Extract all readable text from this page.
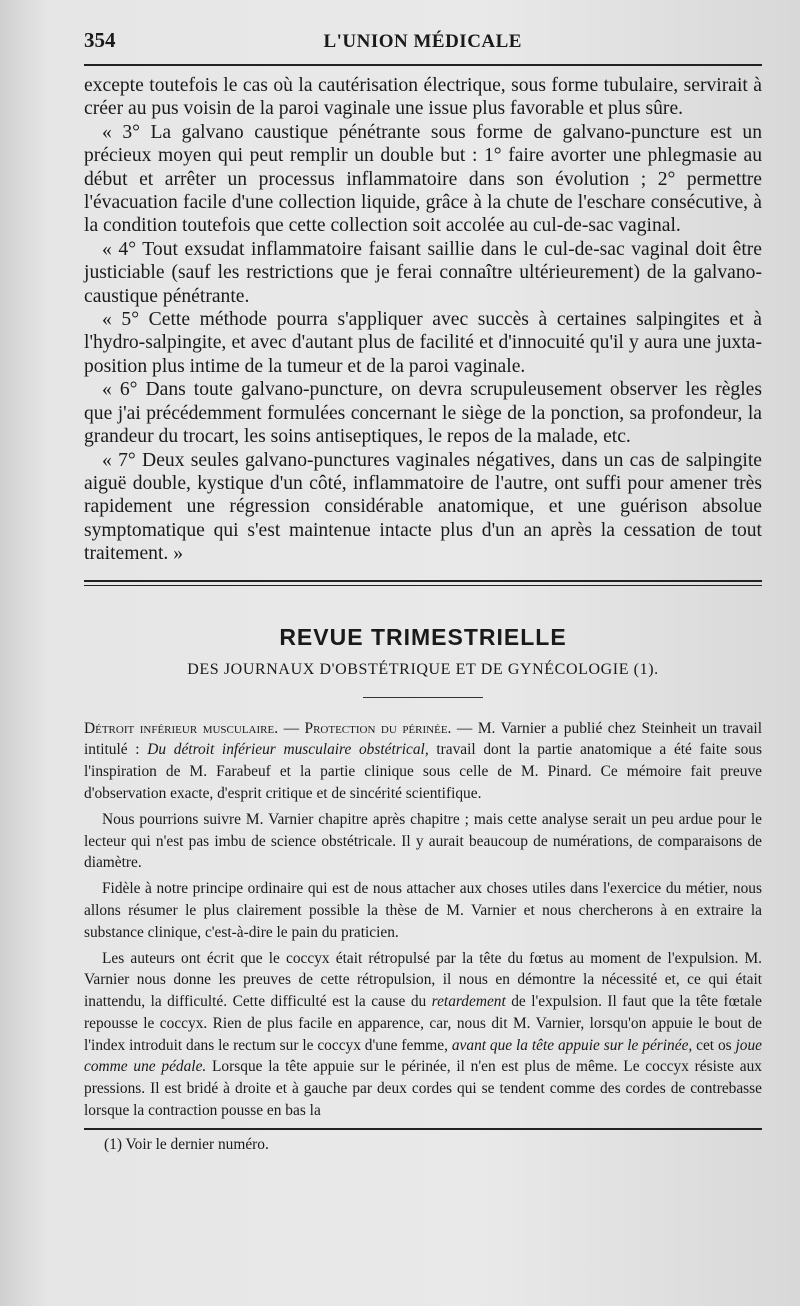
354	L'UNION MÉDICALE

excepte toutefois le cas où la cautérisation électrique, sous forme tubulaire, servirait à créer au pus voisin de la paroi vaginale une issue plus favorable et plus sûre.

« 3° La galvano caustique pénétrante sous forme de galvano-puncture est un précieux moyen qui peut remplir un double but : 1° faire avorter une phlegmasie au début et arrêter un processus inflammatoire dans son évolution ; 2° permettre l'évacuation facile d'une collection liquide, grâce à la chute de l'eschare consécutive, à la condition toutefois que cette collection soit accolée au cul-de-sac vaginal.

« 4° Tout exsudat inflammatoire faisant saillie dans le cul-de-sac vaginal doit être justiciable (sauf les restrictions que je ferai connaître ultérieurement) de la galvano-caustique pénétrante.

« 5° Cette méthode pourra s'appliquer avec succès à certaines salpingites et à l'hydro-salpingite, et avec d'autant plus de facilité et d'innocuité qu'il y aura une juxta-position plus intime de la tumeur et de la paroi vaginale.

« 6° Dans toute galvano-puncture, on devra scrupuleusement observer les règles que j'ai précédemment formulées concernant le siège de la ponction, sa profondeur, la grandeur du trocart, les soins antiseptiques, le repos de la malade, etc.

« 7° Deux seules galvano-punctures vaginales négatives, dans un cas de salpingite aiguë double, kystique d'un côté, inflammatoire de l'autre, ont suffi pour amener très rapidement une régression considérable anatomique, et une guérison absolue symptomatique qui s'est maintenue intacte plus d'un an après la cessation de tout traitement. »

REVUE TRIMESTRIELLE
DES JOURNAUX D'OBSTÉTRIQUE ET DE GYNÉCOLOGIE (1).

Détroit inférieur musculaire. — Protection du périnée. — M. Varnier a publié chez Steinheit un travail intitulé : Du détroit inférieur musculaire obstétrical, travail dont la partie anatomique a été faite sous l'inspiration de M. Farabeuf et la partie clinique sous celle de M. Pinard. Ce mémoire fait preuve d'observation exacte, d'esprit critique et de sincérité scientifique.

Nous pourrions suivre M. Varnier chapitre après chapitre ; mais cette analyse serait un peu ardue pour le lecteur qui n'est pas imbu de science obstétricale. Il y aurait beaucoup de numérations, de comparaisons de diamètre.

Fidèle à notre principe ordinaire qui est de nous attacher aux choses utiles dans l'exercice du métier, nous allons résumer le plus clairement possible la thèse de M. Varnier et nous chercherons à en extraire la substance clinique, c'est-à-dire le pain du praticien.

Les auteurs ont écrit que le coccyx était rétropulsé par la tête du fœtus au moment de l'expulsion. M. Varnier nous donne les preuves de cette rétropulsion, il nous en démontre la nécessité et, ce qui était inattendu, la difficulté. Cette difficulté est la cause du retardement de l'expulsion. Il faut que la tête fœtale repousse le coccyx. Rien de plus facile en apparence, car, nous dit M. Varnier, lorsqu'on appuie le bout de l'index introduit dans le rectum sur le coccyx d'une femme, avant que la tête appuie sur le périnée, cet os joue comme une pédale. Lorsque la tête appuie sur le périnée, il n'en est plus de même. Le coccyx résiste aux pressions. Il est bridé à droite et à gauche par deux cordes qui se tendent comme des cordes de contrebasse lorsque la contraction pousse en bas la

(1) Voir le dernier numéro.
